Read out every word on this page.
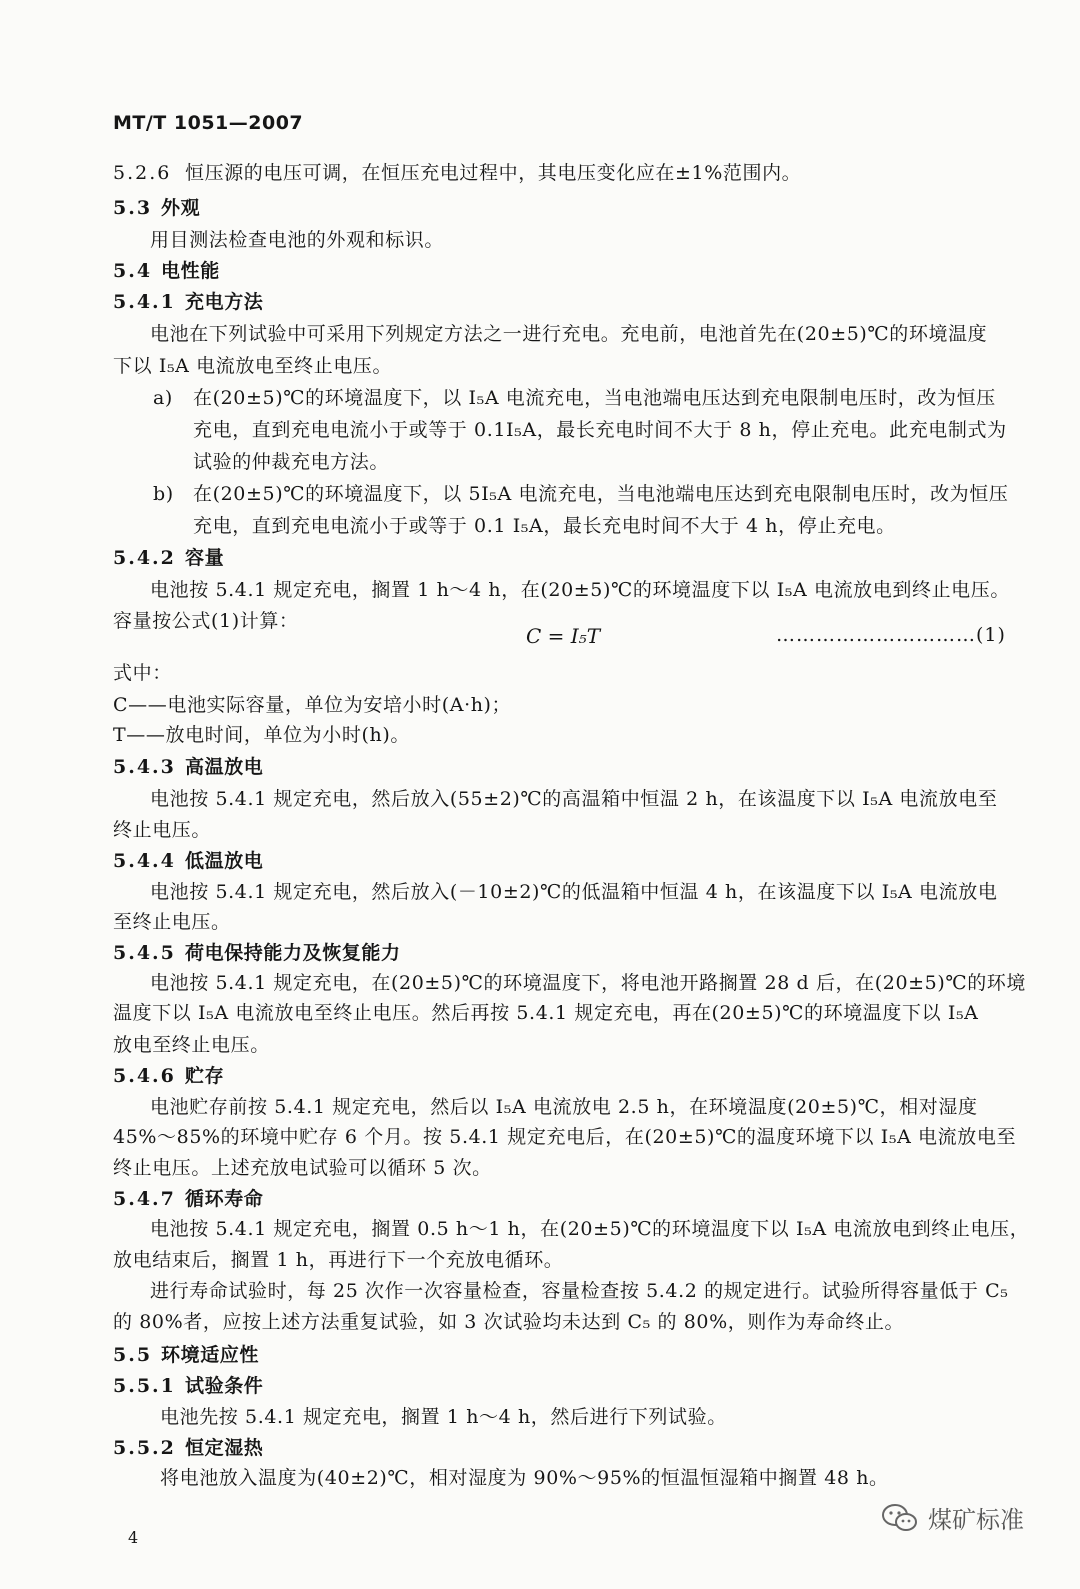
MT/T 1051—2007
5.2.6 恒压源的电压可调，在恒压充电过程中，其电压变化应在±1%范围内。
5.3 外观
用目测法检查电池的外观和标识。
5.4 电性能
5.4.1 充电方法
电池在下列试验中可采用下列规定方法之一进行充电。充电前，电池首先在(20±5)℃的环境温度
下以 I₅A 电流放电至终止电压。
a) 在(20±5)℃的环境温度下，以 I₅A 电流充电，当电池端电压达到充电限制电压时，改为恒压
充电，直到充电电流小于或等于 0.1I₅A，最长充电时间不大于 8 h，停止充电。此充电制式为
试验的仲裁充电方法。
b) 在(20±5)℃的环境温度下，以 5I₅A 电流充电，当电池端电压达到充电限制电压时，改为恒压
充电，直到充电电流小于或等于 0.1 I₅A，最长充电时间不大于 4 h，停止充电。
5.4.2 容量
电池按 5.4.1 规定充电，搁置 1 h～4 h，在(20±5)℃的环境温度下以 I₅A 电流放电到终止电压。
容量按公式(1)计算：
C = I₅T	…………………………(1)
式中：
C——电池实际容量，单位为安培小时(A·h)；
T——放电时间，单位为小时(h)。
5.4.3 高温放电
电池按 5.4.1 规定充电，然后放入(55±2)℃的高温箱中恒温 2 h，在该温度下以 I₅A 电流放电至
终止电压。
5.4.4 低温放电
电池按 5.4.1 规定充电，然后放入(－10±2)℃的低温箱中恒温 4 h，在该温度下以 I₅A 电流放电
至终止电压。
5.4.5 荷电保持能力及恢复能力
电池按 5.4.1 规定充电，在(20±5)℃的环境温度下，将电池开路搁置 28 d 后，在(20±5)℃的环境
温度下以 I₅A 电流放电至终止电压。然后再按 5.4.1 规定充电，再在(20±5)℃的环境温度下以 I₅A
放电至终止电压。
5.4.6 贮存
电池贮存前按 5.4.1 规定充电，然后以 I₅A 电流放电 2.5 h，在环境温度(20±5)℃，相对湿度
45%～85%的环境中贮存 6 个月。按 5.4.1 规定充电后，在(20±5)℃的温度环境下以 I₅A 电流放电至
终止电压。上述充放电试验可以循环 5 次。
5.4.7 循环寿命
电池按 5.4.1 规定充电，搁置 0.5 h～1 h，在(20±5)℃的环境温度下以 I₅A 电流放电到终止电压，
放电结束后，搁置 1 h，再进行下一个充放电循环。
进行寿命试验时，每 25 次作一次容量检查，容量检查按 5.4.2 的规定进行。试验所得容量低于 C₅
的 80%者，应按上述方法重复试验，如 3 次试验均未达到 C₅ 的 80%，则作为寿命终止。
5.5 环境适应性
5.5.1 试验条件
电池先按 5.4.1 规定充电，搁置 1 h～4 h，然后进行下列试验。
5.5.2 恒定湿热
将电池放入温度为(40±2)℃，相对湿度为 90%～95%的恒温恒湿箱中搁置 48 h。
4
煤矿标准
